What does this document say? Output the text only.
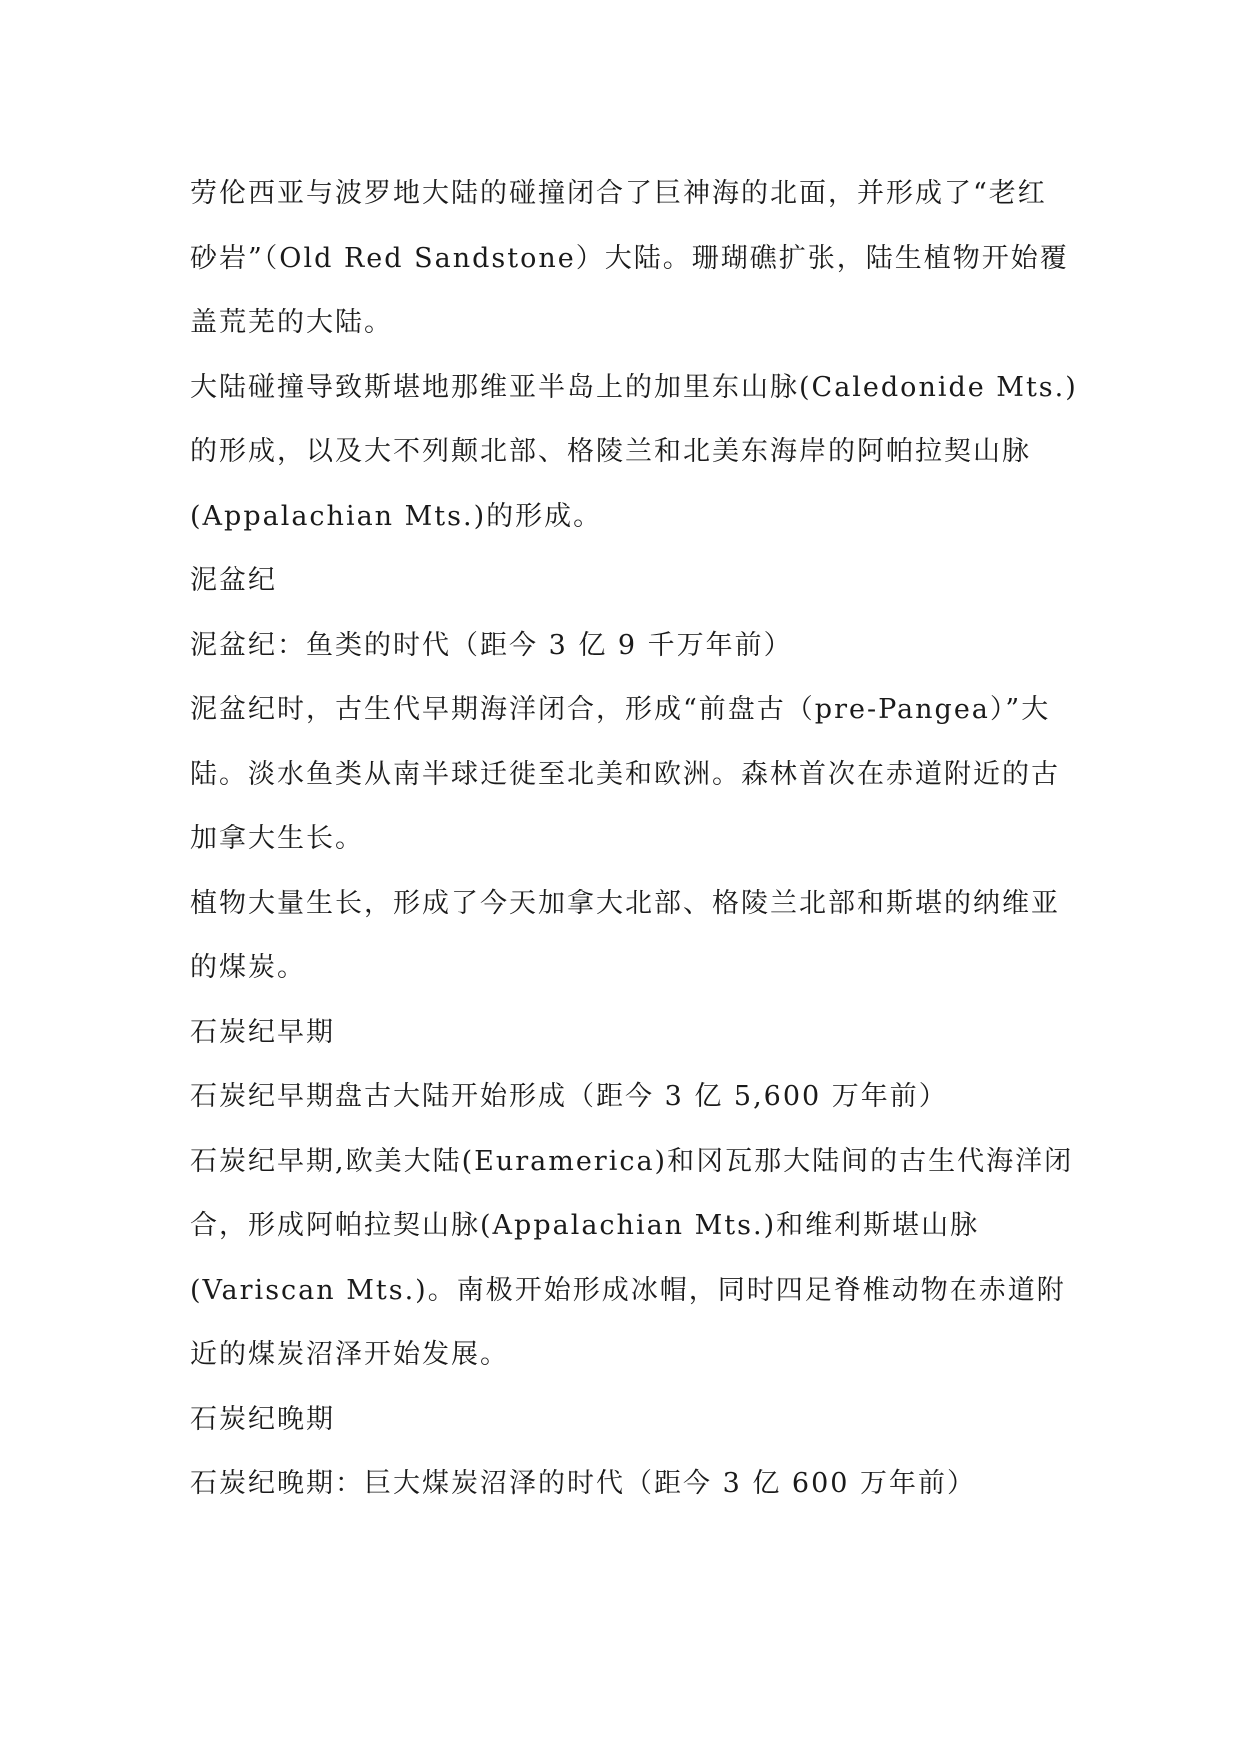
劳伦西亚与波罗地大陆的碰撞闭合了巨神海的北面，并形成了“老红
砂岩”（Old Red Sandstone）大陆。珊瑚礁扩张，陆生植物开始覆
盖荒芜的大陆。

大陆碰撞导致斯堪地那维亚半岛上的加里东山脉(Caledonide Mts.)
的形成，以及大不列颠北部、格陵兰和北美东海岸的阿帕拉契山脉
(Appalachian Mts.)的形成。

泥盆纪

泥盆纪：鱼类的时代（距今 3 亿 9 千万年前）

泥盆纪时，古生代早期海洋闭合，形成“前盘古（pre-Pangea）”大
陆。淡水鱼类从南半球迁徙至北美和欧洲。森林首次在赤道附近的古
加拿大生长。

植物大量生长，形成了今天加拿大北部、格陵兰北部和斯堪的纳维亚
的煤炭。

石炭纪早期

石炭纪早期盘古大陆开始形成（距今 3 亿 5,600 万年前）

石炭纪早期,欧美大陆(Euramerica)和冈瓦那大陆间的古生代海洋闭
合，形成阿帕拉契山脉(Appalachian Mts.)和维利斯堪山脉
(Variscan Mts.)。南极开始形成冰帽，同时四足脊椎动物在赤道附
近的煤炭沼泽开始发展。

石炭纪晚期

石炭纪晚期：巨大煤炭沼泽的时代（距今 3 亿 600 万年前）
